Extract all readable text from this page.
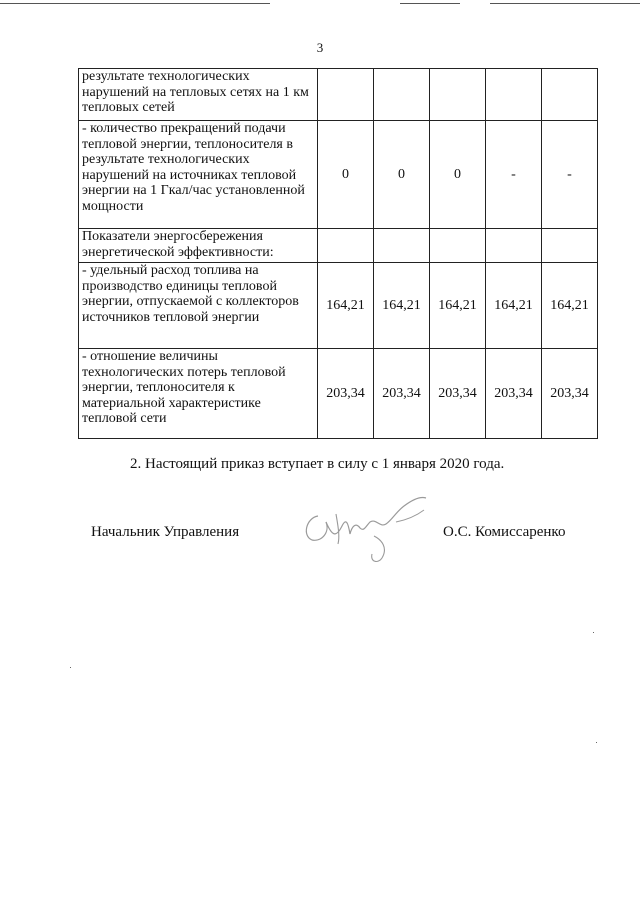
3
результате технологических нарушений на тепловых сетях на 1 км тепловых сетей					
- количество прекращений подачи тепловой энергии, теплоносителя в результате технологических нарушений на источниках тепловой энергии на 1 Гкал/час установленной мощности	0	0	0	-	-
Показатели энергосбережения энергетической эффективности:					
- удельный расход топлива на производство единицы тепловой энергии, отпускаемой с коллекторов источников тепловой энергии	164,21	164,21	164,21	164,21	164,21
- отношение величины технологических потерь тепловой энергии, теплоносителя к материальной характеристике тепловой сети	203,34	203,34	203,34	203,34	203,34
2. Настоящий приказ вступает в силу с 1 января 2020 года.
Начальник Управления	О.С. Комиссаренко
